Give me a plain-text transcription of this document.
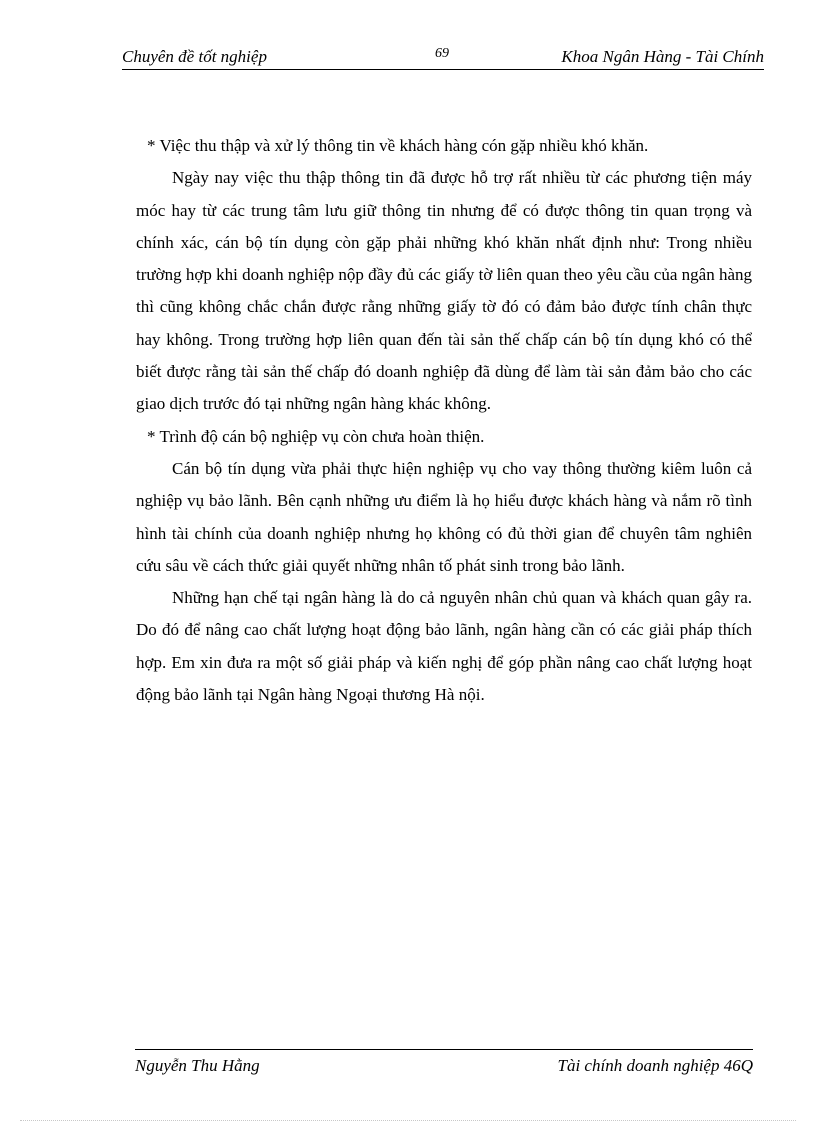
Chuyên đề tốt nghiệp	69	Khoa Ngân Hàng - Tài Chính

* Việc thu thập và xử lý thông tin về khách hàng cón gặp nhiều khó khăn.

Ngày nay việc thu thập thông tin đã được hỗ trợ rất nhiều từ các phương tiện máy móc hay từ các trung tâm lưu giữ thông tin nhưng để có được thông tin quan trọng và chính xác, cán bộ tín dụng còn gặp phải những khó khăn nhất định như: Trong nhiều trường hợp khi doanh nghiệp nộp đầy đủ các giấy tờ liên quan theo yêu cầu của ngân hàng thì cũng không chắc chắn được rằng những giấy tờ đó có đảm bảo được tính chân thực hay không. Trong trường hợp liên quan đến tài sản thế chấp cán bộ tín dụng khó có thể biết được rằng tài sản thế chấp đó doanh nghiệp đã dùng để làm tài sản đảm bảo cho các giao dịch trước đó tại những ngân hàng khác không.

* Trình độ cán bộ nghiệp vụ còn chưa hoàn thiện.

Cán bộ tín dụng vừa phải thực hiện nghiệp vụ cho vay thông thường kiêm luôn cả nghiệp vụ bảo lãnh. Bên cạnh những ưu điểm là họ hiểu được khách hàng và nắm rõ tình hình tài chính của doanh nghiệp nhưng họ không có đủ thời gian để chuyên tâm nghiên cứu sâu về cách thức giải quyết những nhân tố phát sinh trong bảo lãnh.

Những hạn chế tại ngân hàng là do cả nguyên nhân chủ quan và khách quan gây ra. Do đó để nâng cao chất lượng hoạt động bảo lãnh, ngân hàng cần có các giải pháp thích hợp. Em xin đưa ra một số giải pháp và kiến nghị để góp phần nâng cao chất lượng hoạt động bảo lãnh tại Ngân hàng Ngoại thương Hà nội.

Nguyễn Thu Hằng	Tài chính doanh nghiệp 46Q
